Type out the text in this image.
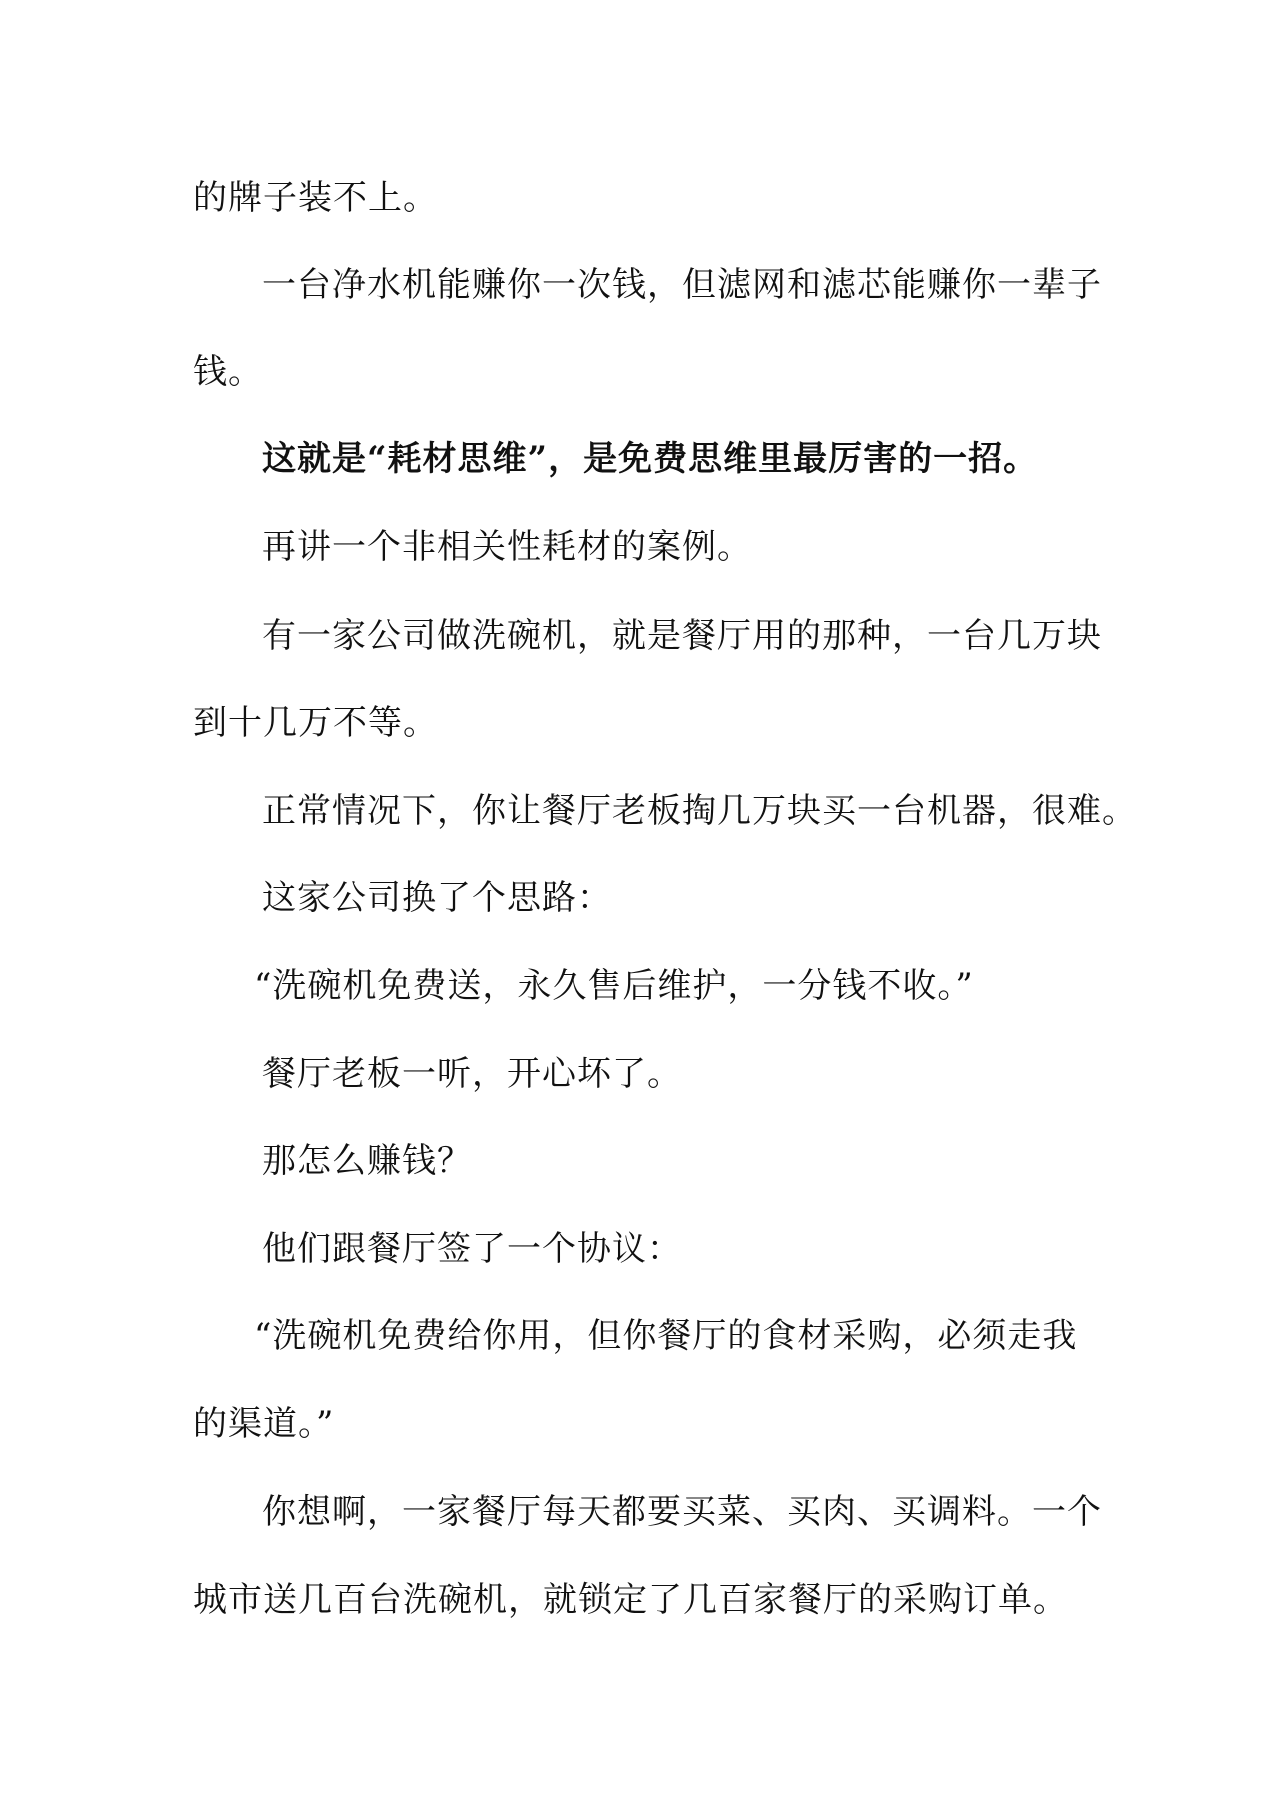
的牌子装不上。
一台净水机能赚你一次钱，但滤网和滤芯能赚你一辈子
钱。
这就是“耗材思维”，是免费思维里最厉害的一招。
再讲一个非相关性耗材的案例。
有一家公司做洗碗机，就是餐厅用的那种，一台几万块
到十几万不等。
正常情况下，你让餐厅老板掏几万块买一台机器，很难。
这家公司换了个思路：
“洗碗机免费送，永久售后维护，一分钱不收。”
餐厅老板一听，开心坏了。
那怎么赚钱？
他们跟餐厅签了一个协议：
“洗碗机免费给你用，但你餐厅的食材采购，必须走我
的渠道。”
你想啊，一家餐厅每天都要买菜、买肉、买调料。一个
城市送几百台洗碗机，就锁定了几百家餐厅的采购订单。
